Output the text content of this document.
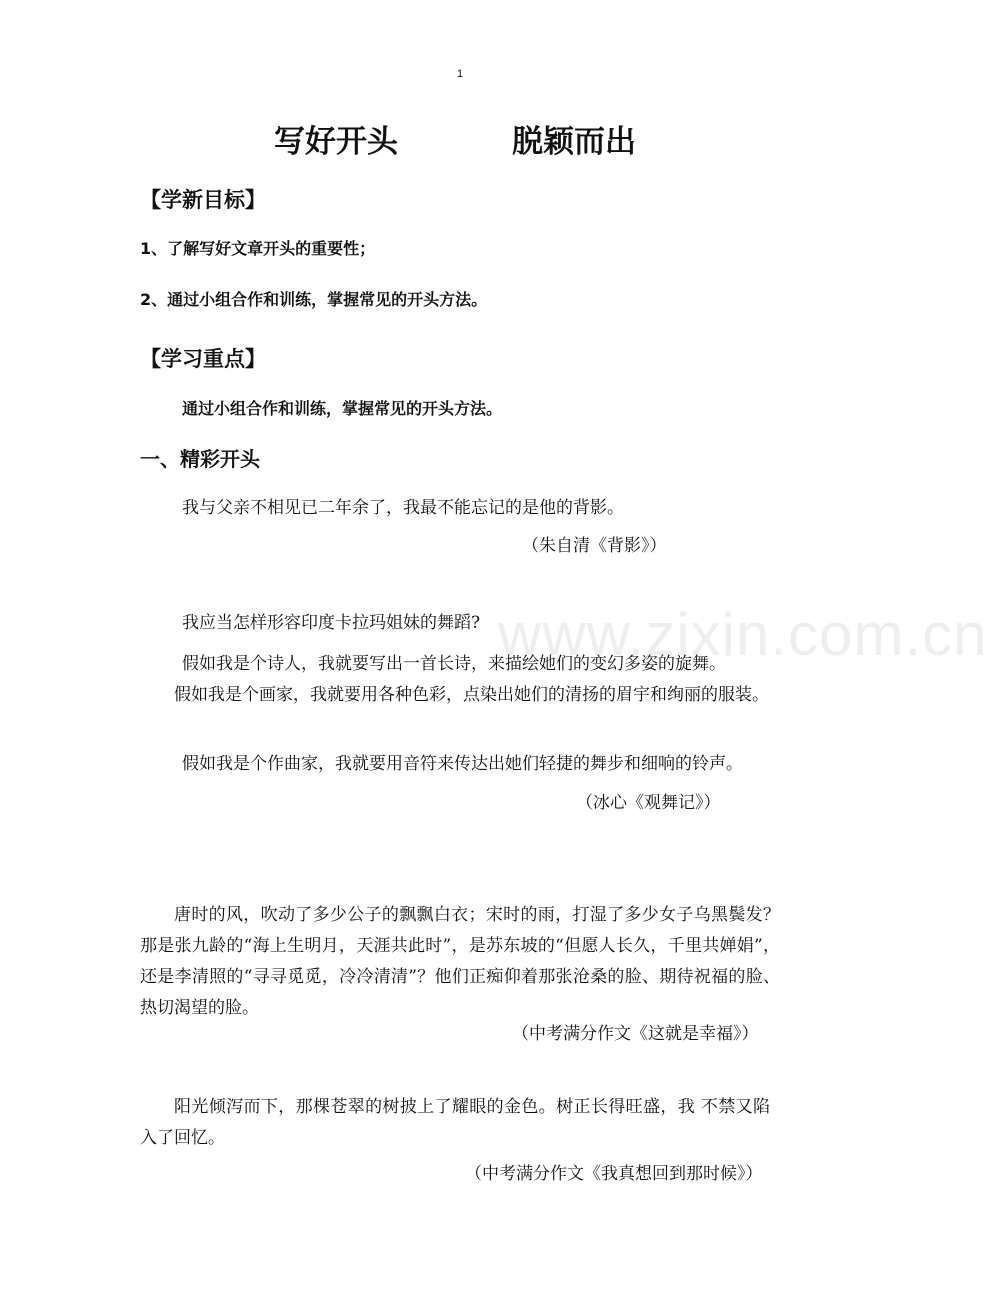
1
写好开头	脱颖而出
【学新目标】
1、了解写好文章开头的重要性；
2、通过小组合作和训练，掌握常见的开头方法。
【学习重点】
通过小组合作和训练，掌握常见的开头方法。
一、精彩开头
我与父亲不相见已二年余了，我最不能忘记的是他的背影。
（朱自清《背影》）
www.zixin.com.cn
我应当怎样形容印度卡拉玛姐妹的舞蹈?
假如我是个诗人，我就要写出一首长诗，来描绘她们的变幻多姿的旋舞。
假如我是个画家，我就要用各种色彩，点染出她们的清扬的眉宇和绚丽的服装。
假如我是个作曲家，我就要用音符来传达出她们轻捷的舞步和细响的铃声。
（冰心《观舞记》）
唐时的风，吹动了多少公子的飘飘白衣；宋时的雨，打湿了多少女子乌黑鬓发？那是张九龄的“海上生明月，天涯共此时”，是苏东坡的“但愿人长久，千里共婵娟”，还是李清照的“寻寻觅觅，冷冷清清”？他们正痴仰着那张沧桑的脸、期待祝福的脸、热切渴望的脸。
（中考满分作文《这就是幸福》）
阳光倾泻而下，那棵苍翠的树披上了耀眼的金色。树正长得旺盛，我 不禁又陷入了回忆。
（中考满分作文《我真想回到那时候》）
